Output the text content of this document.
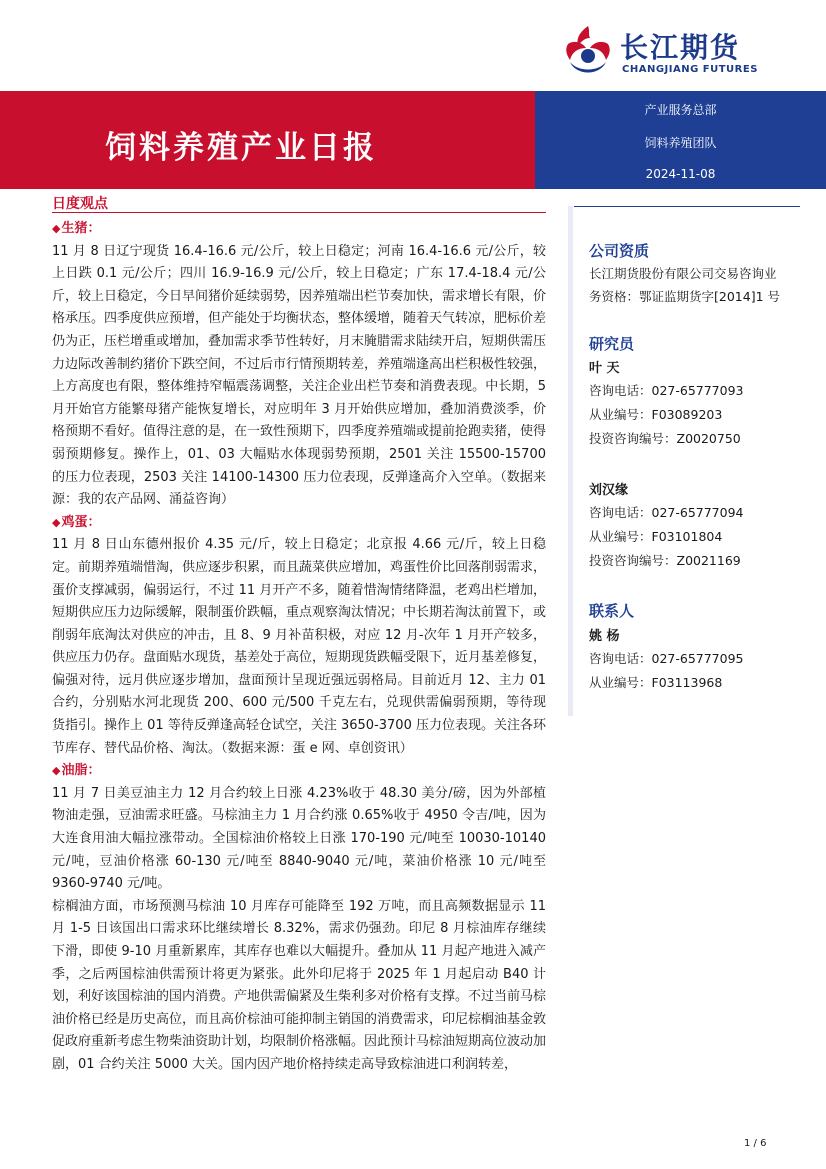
长江期货
CHANGJIANG FUTURES
饲料养殖产业日报
产业服务总部
饲料养殖团队
2024-11-08
日度观点

◆生猪：

11 月 8 日辽宁现货 16.4-16.6 元/公斤，较上日稳定；河南 16.4-16.6 元/公斤，较上日跌 0.1 元/公斤；四川 16.9-16.9 元/公斤，较上日稳定；广东 17.4-18.4 元/公斤，较上日稳定，今日早间猪价延续弱势，因养殖端出栏节奏加快，需求增长有限，价格承压。四季度供应预增，但产能处于均衡状态，整体缓增，随着天气转凉，肥标价差仍为正，压栏增重或增加，叠加需求季节性转好，月末腌腊需求陆续开启，短期供需压力边际改善制约猪价下跌空间，不过后市行情预期转差，养殖端逢高出栏积极性较强，上方高度也有限，整体维持窄幅震荡调整，关注企业出栏节奏和消费表现。中长期，5 月开始官方能繁母猪产能恢复增长，对应明年 3 月开始供应增加，叠加消费淡季，价格预期不看好。值得注意的是，在一致性预期下，四季度养殖端或提前抢跑卖猪，使得弱预期修复。操作上，01、03 大幅贴水体现弱势预期，2501 关注 15500-15700 的压力位表现，2503 关注 14100-14300 压力位表现，反弹逢高介入空单。（数据来源：我的农产品网、涌益咨询）

◆鸡蛋：

11 月 8 日山东德州报价 4.35 元/斤，较上日稳定；北京报 4.66 元/斤，较上日稳定。前期养殖端惜淘，供应逐步积累，而且蔬菜供应增加，鸡蛋性价比回落削弱需求，蛋价支撑减弱，偏弱运行，不过 11 月开产不多，随着惜淘情绪降温，老鸡出栏增加，短期供应压力边际缓解，限制蛋价跌幅，重点观察淘汰情况；中长期若淘汰前置下，或削弱年底淘汰对供应的冲击，且 8、9 月补苗积极，对应 12 月-次年 1 月开产较多，供应压力仍存。盘面贴水现货，基差处于高位，短期现货跌幅受限下，近月基差修复，偏强对待，远月供应逐步增加，盘面预计呈现近强远弱格局。目前近月 12、主力 01 合约，分别贴水河北现货 200、600 元/500 千克左右，兑现供需偏弱预期，等待现货指引。操作上 01 等待反弹逢高轻仓试空，关注 3650-3700 压力位表现。关注各环节库存、替代品价格、淘汰。（数据来源：蛋 e 网、卓创资讯）

◆油脂：

11 月 7 日美豆油主力 12 月合约较上日涨 4.23%收于 48.30 美分/磅，因为外部植物油走强，豆油需求旺盛。马棕油主力 1 月合约涨 0.65%收于 4950 令吉/吨，因为大连食用油大幅拉涨带动。全国棕油价格较上日涨 170-190 元/吨至 10030-10140 元/吨，豆油价格涨 60-130 元/吨至 8840-9040 元/吨，菜油价格涨 10 元/吨至 9360-9740 元/吨。

棕榈油方面，市场预测马棕油 10 月库存可能降至 192 万吨，而且高频数据显示 11 月 1-5 日该国出口需求环比继续增长 8.32%，需求仍强劲。印尼 8 月棕油库存继续下滑，即使 9-10 月重新累库，其库存也难以大幅提升。叠加从 11 月起产地进入减产季，之后两国棕油供需预计将更为紧张。此外印尼将于 2025 年 1 月起启动 B40 计划，利好该国棕油的国内消费。产地供需偏紧及生柴利多对价格有支撑。不过当前马棕油价格已经是历史高位，而且高价棕油可能抑制主销国的消费需求，印尼棕榈油基金敦促政府重新考虑生物柴油资助计划，均限制价格涨幅。因此预计马棕油短期高位波动加剧，01 合约关注 5000 大关。国内因产地价格持续走高导致棕油进口利润转差，

公司资质
长江期货股份有限公司交易咨询业
务资格：鄂证监期货字[2014]1 号
研究员
叶 天
咨询电话：027-65777093
从业编号：F03089203
投资咨询编号：Z0020750
刘汉缘
咨询电话：027-65777094
从业编号：F03101804
投资咨询编号：Z0021169
联系人
姚 杨
咨询电话：027-65777095
从业编号：F03113968
1 / 6
